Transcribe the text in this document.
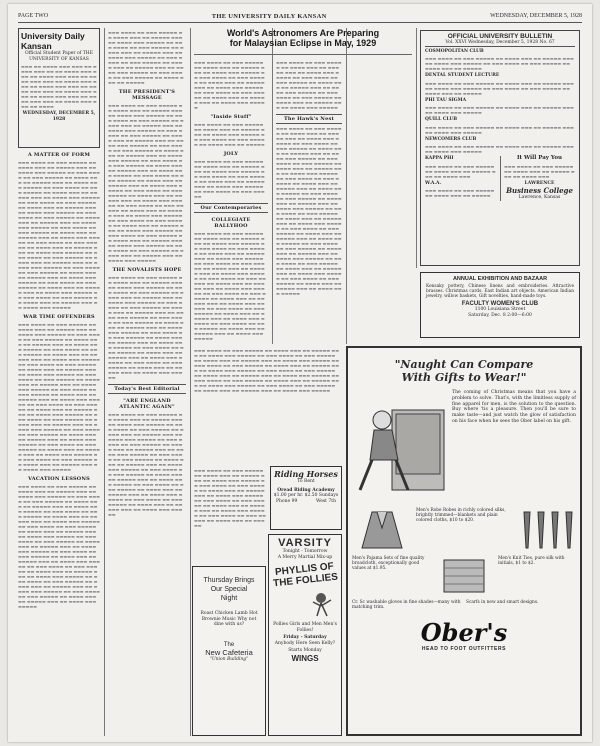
PAGE TWO	THE UNIVERSITY DAILY KANSAN	WEDNESDAY, DECEMBER 5, 1928
University Daily Kansan
Official Student Paper of THE UNIVERSITY OF KANSAS
▬▬▬ ▬▬ ▬▬▬▬ ▬▬▬ ▬▬▬ ▬▬ ▬▬▬▬ ▬▬▬ ▬▬ ▬▬ ▬▬▬▬ ▬▬▬ ▬▬▬ ▬▬ ▬▬▬▬ ▬▬▬ ▬▬▬ ▬▬ ▬▬▬▬ ▬▬▬ ▬▬▬ ▬▬ ▬▬▬▬ ▬▬▬ ▬▬▬ ▬▬ ▬▬▬▬ ▬▬▬ ▬▬▬ ▬▬ ▬▬▬▬ ▬▬▬ ▬▬▬ ▬▬ ▬▬▬▬ ▬▬▬ ▬▬▬ ▬▬ ▬▬▬▬ ▬▬▬ ▬▬▬ ▬▬ ▬▬▬▬ ▬▬▬ ▬▬▬ ▬▬ ▬▬▬▬ ▬▬▬ ▬▬▬ ▬▬ ▬▬▬▬
WEDNESDAY, DECEMBER 5, 1928
A MATTER OF FORM
▬▬▬ ▬▬▬▬ ▬▬ ▬▬▬ ▬▬▬▬▬ ▬▬ ▬▬▬▬ ▬▬▬ ▬▬ ▬▬▬▬▬ ▬▬▬ ▬▬ ▬▬▬▬ ▬▬▬ ▬▬▬▬▬ ▬▬ ▬▬▬ ▬▬▬▬ ▬▬ ▬▬▬ ▬▬▬▬▬ ▬▬ ▬▬▬▬ ▬▬▬ ▬▬ ▬▬▬▬▬ ▬▬▬ ▬▬ ▬▬▬▬ ▬▬▬ ▬▬▬▬▬ ▬▬ ▬▬▬ ▬▬▬▬ ▬▬ ▬▬▬ ▬▬▬▬▬ ▬▬ ▬▬▬▬ ▬▬▬ ▬▬ ▬▬▬▬▬ ▬▬▬ ▬▬ ▬▬▬▬ ▬▬▬ ▬▬▬▬▬ ▬▬ ▬▬▬ ▬▬▬▬ ▬▬ ▬▬▬ ▬▬▬▬▬ ▬▬ ▬▬▬▬ ▬▬▬ ▬▬ ▬▬▬▬▬ ▬▬▬ ▬▬ ▬▬▬▬ ▬▬▬ ▬▬▬▬▬ ▬▬ ▬▬▬ ▬▬▬▬ ▬▬ ▬▬▬ ▬▬▬▬▬ ▬▬ ▬▬▬▬ ▬▬▬ ▬▬ ▬▬▬▬▬ ▬▬▬ ▬▬ ▬▬▬▬ ▬▬▬ ▬▬▬▬▬ ▬▬ ▬▬▬ ▬▬▬▬ ▬▬ ▬▬▬ ▬▬▬▬▬ ▬▬ ▬▬▬▬ ▬▬▬ ▬▬ ▬▬▬▬▬ ▬▬▬ ▬▬ ▬▬▬▬ ▬▬▬ ▬▬▬▬▬ ▬▬ ▬▬▬ ▬▬▬▬ ▬▬ ▬▬▬ ▬▬▬▬▬ ▬▬ ▬▬▬▬ ▬▬▬ ▬▬ ▬▬▬▬▬ ▬▬▬ ▬▬ ▬▬▬▬ ▬▬▬ ▬▬▬▬▬ ▬▬ ▬▬▬ ▬▬▬▬ ▬▬ ▬▬▬ ▬▬▬▬▬ ▬▬ ▬▬▬▬ ▬▬▬ ▬▬ ▬▬▬▬▬ ▬▬▬ ▬▬ ▬▬▬▬ ▬▬▬ ▬▬▬▬▬ ▬▬ ▬▬▬ ▬▬▬▬ ▬▬ ▬▬▬ ▬▬▬▬▬ ▬▬ ▬▬▬▬ ▬▬▬ ▬▬ ▬▬▬▬▬ ▬▬▬ ▬▬ ▬▬▬▬ ▬▬▬ ▬▬▬▬▬ ▬▬ ▬▬▬ ▬▬▬▬ ▬▬ ▬▬▬ ▬▬▬▬▬ ▬▬ ▬▬▬▬ ▬▬▬ ▬▬ ▬▬▬▬▬ ▬▬▬ ▬▬ ▬▬▬▬ ▬▬▬ ▬▬▬▬▬ ▬▬ ▬▬▬ ▬▬▬▬ ▬▬ ▬▬▬ ▬▬▬▬▬ ▬▬ ▬▬▬▬ ▬▬▬ ▬▬ ▬▬▬▬▬ ▬▬▬ ▬▬ ▬▬▬▬ ▬▬▬ ▬▬▬▬▬
WAR TIME OFFENDERS
▬▬▬ ▬▬▬▬ ▬▬ ▬▬▬ ▬▬▬▬▬ ▬▬ ▬▬▬▬ ▬▬▬ ▬▬ ▬▬▬▬▬ ▬▬▬ ▬▬ ▬▬▬▬ ▬▬▬ ▬▬▬▬▬ ▬▬ ▬▬▬ ▬▬▬▬ ▬▬ ▬▬▬ ▬▬▬▬▬ ▬▬ ▬▬▬▬ ▬▬▬ ▬▬ ▬▬▬▬▬ ▬▬▬ ▬▬ ▬▬▬▬ ▬▬▬ ▬▬▬▬▬ ▬▬ ▬▬▬ ▬▬▬▬ ▬▬ ▬▬▬ ▬▬▬▬▬ ▬▬ ▬▬▬▬ ▬▬▬ ▬▬ ▬▬▬▬▬ ▬▬▬ ▬▬ ▬▬▬▬ ▬▬▬ ▬▬▬▬▬ ▬▬ ▬▬▬ ▬▬▬▬ ▬▬ ▬▬▬ ▬▬▬▬▬ ▬▬ ▬▬▬▬ ▬▬▬ ▬▬ ▬▬▬▬▬ ▬▬▬ ▬▬ ▬▬▬▬ ▬▬▬ ▬▬▬▬▬ ▬▬ ▬▬▬ ▬▬▬▬ ▬▬ ▬▬▬ ▬▬▬▬▬ ▬▬ ▬▬▬▬ ▬▬▬ ▬▬ ▬▬▬▬▬ ▬▬▬ ▬▬ ▬▬▬▬ ▬▬▬ ▬▬▬▬▬ ▬▬ ▬▬▬ ▬▬▬▬ ▬▬ ▬▬▬ ▬▬▬▬▬ ▬▬ ▬▬▬▬ ▬▬▬ ▬▬ ▬▬▬▬▬ ▬▬▬ ▬▬ ▬▬▬▬ ▬▬▬ ▬▬▬▬▬ ▬▬ ▬▬▬ ▬▬▬▬ ▬▬ ▬▬▬ ▬▬▬▬▬ ▬▬ ▬▬▬▬ ▬▬▬ ▬▬ ▬▬▬▬▬ ▬▬▬ ▬▬ ▬▬▬▬ ▬▬▬ ▬▬▬▬▬ ▬▬ ▬▬▬ ▬▬▬▬ ▬▬ ▬▬▬ ▬▬▬▬▬ ▬▬ ▬▬▬▬ ▬▬▬ ▬▬ ▬▬▬▬▬ ▬▬▬ ▬▬ ▬▬▬▬ ▬▬▬ ▬▬▬▬▬ ▬▬ ▬▬▬ ▬▬▬▬ ▬▬ ▬▬▬ ▬▬▬▬▬ ▬▬ ▬▬▬▬ ▬▬▬ ▬▬ ▬▬▬▬▬ ▬▬▬ ▬▬ ▬▬▬▬ ▬▬▬ ▬▬▬▬▬ ▬▬ ▬▬▬ ▬▬▬▬ ▬▬ ▬▬▬ ▬▬▬▬▬ ▬▬ ▬▬▬▬ ▬▬▬ ▬▬ ▬▬▬▬▬ ▬▬▬ ▬▬ ▬▬▬▬ ▬▬▬ ▬▬▬▬▬ ▬▬ ▬▬▬ ▬▬▬▬ ▬▬ ▬▬▬ ▬▬▬▬▬ ▬▬ ▬▬▬▬ ▬▬▬ ▬▬ ▬▬▬▬▬ ▬▬▬ ▬▬ ▬▬▬▬ ▬▬▬ ▬▬▬▬▬
VACATION LESSONS
▬▬▬ ▬▬▬▬ ▬▬ ▬▬▬ ▬▬▬▬▬ ▬▬ ▬▬▬▬ ▬▬▬ ▬▬ ▬▬▬▬▬ ▬▬▬ ▬▬ ▬▬▬▬ ▬▬▬ ▬▬▬▬▬ ▬▬ ▬▬▬ ▬▬▬▬ ▬▬ ▬▬▬ ▬▬▬▬▬ ▬▬ ▬▬▬▬ ▬▬▬ ▬▬ ▬▬▬▬▬ ▬▬▬ ▬▬ ▬▬▬▬ ▬▬▬ ▬▬▬▬▬ ▬▬ ▬▬▬ ▬▬▬▬ ▬▬ ▬▬▬ ▬▬▬▬▬ ▬▬ ▬▬▬▬ ▬▬▬ ▬▬ ▬▬▬▬▬ ▬▬▬ ▬▬ ▬▬▬▬ ▬▬▬ ▬▬▬▬▬ ▬▬ ▬▬▬ ▬▬▬▬ ▬▬ ▬▬▬ ▬▬▬▬▬ ▬▬ ▬▬▬▬ ▬▬▬ ▬▬ ▬▬▬▬▬ ▬▬▬ ▬▬ ▬▬▬▬ ▬▬▬ ▬▬▬▬▬ ▬▬ ▬▬▬ ▬▬▬▬ ▬▬ ▬▬▬ ▬▬▬▬▬ ▬▬ ▬▬▬▬ ▬▬▬ ▬▬ ▬▬▬▬▬ ▬▬▬ ▬▬ ▬▬▬▬ ▬▬▬ ▬▬▬▬▬ ▬▬ ▬▬▬ ▬▬▬▬ ▬▬ ▬▬▬ ▬▬▬▬▬ ▬▬ ▬▬▬▬ ▬▬▬ ▬▬ ▬▬▬▬▬ ▬▬▬ ▬▬ ▬▬▬▬ ▬▬▬ ▬▬▬▬▬ ▬▬ ▬▬▬ ▬▬▬▬ ▬▬ ▬▬▬ ▬▬▬▬▬ ▬▬ ▬▬▬▬ ▬▬▬ ▬▬ ▬▬▬▬▬ ▬▬▬ ▬▬ ▬▬▬▬ ▬▬▬ ▬▬▬▬▬ ▬▬ ▬▬▬ ▬▬▬▬ ▬▬ ▬▬▬ ▬▬▬▬▬ ▬▬ ▬▬▬▬ ▬▬▬ ▬▬ ▬▬▬▬▬ ▬▬▬ ▬▬ ▬▬▬▬ ▬▬▬ ▬▬▬▬▬ ▬▬ ▬▬▬ ▬▬▬▬ ▬▬ ▬▬▬ ▬▬▬▬▬ ▬▬ ▬▬▬▬ ▬▬▬ ▬▬ ▬▬▬▬▬ ▬▬▬ ▬▬ ▬▬▬▬ ▬▬▬ ▬▬▬▬▬
▬▬▬ ▬▬▬▬ ▬▬ ▬▬▬ ▬▬▬▬▬ ▬▬ ▬▬▬▬ ▬▬▬ ▬▬ ▬▬▬▬▬ ▬▬▬ ▬▬ ▬▬▬▬ ▬▬▬ ▬▬▬▬▬ ▬▬ ▬▬▬ ▬▬▬▬ ▬▬ ▬▬▬ ▬▬▬▬▬ ▬▬ ▬▬▬▬ ▬▬▬ ▬▬ ▬▬▬▬▬ ▬▬▬ ▬▬ ▬▬▬▬ ▬▬▬ ▬▬▬▬▬ ▬▬ ▬▬▬ ▬▬▬▬ ▬▬ ▬▬▬ ▬▬▬▬▬ ▬▬ ▬▬▬▬ ▬▬▬ ▬▬ ▬▬▬▬▬ ▬▬▬ ▬▬ ▬▬▬▬ ▬▬▬ ▬▬▬▬▬ ▬▬ ▬▬▬ ▬▬▬▬ ▬▬ ▬▬▬ ▬▬▬▬▬ ▬▬ ▬▬▬▬ ▬▬▬ ▬▬ ▬▬▬▬▬
THE PRESIDENT'S MESSAGE
▬▬▬ ▬▬▬▬ ▬▬ ▬▬▬ ▬▬▬▬▬ ▬▬ ▬▬▬▬ ▬▬▬ ▬▬ ▬▬▬▬▬ ▬▬▬ ▬▬ ▬▬▬▬ ▬▬▬ ▬▬▬▬▬ ▬▬ ▬▬▬ ▬▬▬▬ ▬▬ ▬▬▬ ▬▬▬▬▬ ▬▬ ▬▬▬▬ ▬▬▬ ▬▬ ▬▬▬▬▬ ▬▬▬ ▬▬ ▬▬▬▬ ▬▬▬ ▬▬▬▬▬ ▬▬ ▬▬▬ ▬▬▬▬ ▬▬ ▬▬▬ ▬▬▬▬▬ ▬▬ ▬▬▬▬ ▬▬▬ ▬▬ ▬▬▬▬▬ ▬▬▬ ▬▬ ▬▬▬▬ ▬▬▬ ▬▬▬▬▬ ▬▬ ▬▬▬ ▬▬▬▬ ▬▬ ▬▬▬ ▬▬▬▬▬ ▬▬ ▬▬▬▬ ▬▬▬ ▬▬ ▬▬▬▬▬ ▬▬▬ ▬▬ ▬▬▬▬ ▬▬▬ ▬▬▬▬▬ ▬▬ ▬▬▬ ▬▬▬▬ ▬▬ ▬▬▬ ▬▬▬▬▬ ▬▬ ▬▬▬▬ ▬▬▬ ▬▬ ▬▬▬▬▬ ▬▬▬ ▬▬ ▬▬▬▬ ▬▬▬ ▬▬▬▬▬ ▬▬ ▬▬▬ ▬▬▬▬ ▬▬ ▬▬▬ ▬▬▬▬▬ ▬▬ ▬▬▬▬ ▬▬▬ ▬▬ ▬▬▬▬▬ ▬▬▬ ▬▬ ▬▬▬▬ ▬▬▬ ▬▬▬▬▬ ▬▬ ▬▬▬ ▬▬▬▬ ▬▬ ▬▬▬ ▬▬▬▬▬ ▬▬ ▬▬▬▬ ▬▬▬ ▬▬ ▬▬▬▬▬ ▬▬▬ ▬▬ ▬▬▬▬ ▬▬▬ ▬▬▬▬▬ ▬▬ ▬▬▬ ▬▬▬▬ ▬▬ ▬▬▬ ▬▬▬▬▬ ▬▬ ▬▬▬▬ ▬▬▬ ▬▬ ▬▬▬▬▬ ▬▬▬ ▬▬ ▬▬▬▬ ▬▬▬ ▬▬▬▬▬ ▬▬ ▬▬▬ ▬▬▬▬ ▬▬ ▬▬▬ ▬▬▬▬▬ ▬▬ ▬▬▬▬ ▬▬▬ ▬▬ ▬▬▬▬▬ ▬▬▬ ▬▬ ▬▬▬▬ ▬▬▬ ▬▬▬▬▬ ▬▬ ▬▬▬ ▬▬▬▬ ▬▬ ▬▬▬ ▬▬▬▬▬ ▬▬ ▬▬▬▬ ▬▬▬ ▬▬ ▬▬▬▬▬ ▬▬▬ ▬▬ ▬▬▬▬ ▬▬▬ ▬▬▬▬▬ ▬▬ ▬▬▬ ▬▬▬▬ ▬▬ ▬▬▬ ▬▬▬▬▬ ▬▬ ▬▬▬▬ ▬▬▬ ▬▬ ▬▬▬▬▬ ▬▬▬ ▬▬ ▬▬▬▬ ▬▬▬ ▬▬▬▬▬
THE NOVALISTS HOPE
▬▬▬ ▬▬▬▬ ▬▬ ▬▬▬ ▬▬▬▬▬ ▬▬ ▬▬▬▬ ▬▬▬ ▬▬ ▬▬▬▬▬ ▬▬▬ ▬▬ ▬▬▬▬ ▬▬▬ ▬▬▬▬▬ ▬▬ ▬▬▬ ▬▬▬▬ ▬▬ ▬▬▬ ▬▬▬▬▬ ▬▬ ▬▬▬▬ ▬▬▬ ▬▬ ▬▬▬▬▬ ▬▬▬ ▬▬ ▬▬▬▬ ▬▬▬ ▬▬▬▬▬ ▬▬ ▬▬▬ ▬▬▬▬ ▬▬ ▬▬▬ ▬▬▬▬▬ ▬▬ ▬▬▬▬ ▬▬▬ ▬▬ ▬▬▬▬▬ ▬▬▬ ▬▬ ▬▬▬▬ ▬▬▬ ▬▬▬▬▬ ▬▬ ▬▬▬ ▬▬▬▬ ▬▬ ▬▬▬ ▬▬▬▬▬ ▬▬ ▬▬▬▬ ▬▬▬ ▬▬ ▬▬▬▬▬ ▬▬▬ ▬▬ ▬▬▬▬ ▬▬▬ ▬▬▬▬▬ ▬▬ ▬▬▬ ▬▬▬▬ ▬▬ ▬▬▬ ▬▬▬▬▬ ▬▬ ▬▬▬▬ ▬▬▬ ▬▬ ▬▬▬▬▬ ▬▬▬ ▬▬ ▬▬▬▬ ▬▬▬ ▬▬▬▬▬ ▬▬ ▬▬▬ ▬▬▬▬ ▬▬ ▬▬▬ ▬▬▬▬▬ ▬▬ ▬▬▬▬ ▬▬▬ ▬▬ ▬▬▬▬▬ ▬▬▬ ▬▬ ▬▬▬▬ ▬▬▬ ▬▬▬▬▬ ▬▬ ▬▬▬ ▬▬▬▬ ▬▬ ▬▬▬ ▬▬▬▬▬ ▬▬ ▬▬▬▬ ▬▬▬ ▬▬ ▬▬▬▬▬ ▬▬▬ ▬▬ ▬▬▬▬ ▬▬▬ ▬▬▬▬▬
Today's Best Editorial
"ARE ENGLAND ATLANTIC AGAIN"
▬▬▬ ▬▬▬▬ ▬▬ ▬▬▬ ▬▬▬▬▬ ▬▬ ▬▬▬▬ ▬▬▬ ▬▬ ▬▬▬▬▬ ▬▬▬ ▬▬ ▬▬▬▬ ▬▬▬ ▬▬▬▬▬ ▬▬ ▬▬▬ ▬▬▬▬ ▬▬ ▬▬▬ ▬▬▬▬▬ ▬▬ ▬▬▬▬ ▬▬▬ ▬▬ ▬▬▬▬▬ ▬▬▬ ▬▬ ▬▬▬▬ ▬▬▬ ▬▬▬▬▬ ▬▬ ▬▬▬ ▬▬▬▬ ▬▬ ▬▬▬ ▬▬▬▬▬ ▬▬ ▬▬▬▬ ▬▬▬ ▬▬ ▬▬▬▬▬ ▬▬▬ ▬▬ ▬▬▬▬ ▬▬▬ ▬▬▬▬▬ ▬▬ ▬▬▬ ▬▬▬▬ ▬▬ ▬▬▬ ▬▬▬▬▬ ▬▬ ▬▬▬▬ ▬▬▬ ▬▬ ▬▬▬▬▬ ▬▬▬ ▬▬ ▬▬▬▬ ▬▬▬ ▬▬▬▬▬ ▬▬ ▬▬▬ ▬▬▬▬ ▬▬ ▬▬▬ ▬▬▬▬▬ ▬▬ ▬▬▬▬ ▬▬▬ ▬▬ ▬▬▬▬▬ ▬▬▬ ▬▬ ▬▬▬▬ ▬▬▬ ▬▬▬▬▬ ▬▬ ▬▬▬ ▬▬▬▬ ▬▬ ▬▬▬ ▬▬▬▬▬ ▬▬ ▬▬▬▬ ▬▬▬ ▬▬ ▬▬▬▬▬ ▬▬▬ ▬▬ ▬▬▬▬ ▬▬▬ ▬▬▬▬▬ ▬▬ ▬▬▬ ▬▬▬▬ ▬▬ ▬▬▬ ▬▬▬▬▬ ▬▬ ▬▬▬▬ ▬▬▬ ▬▬ ▬▬▬▬▬ ▬▬▬ ▬▬ ▬▬▬▬ ▬▬▬ ▬▬▬▬▬
World's Astronomers Are Preparing
for Malaysian Eclipse in May, 1929
▬▬▬ ▬▬▬▬ ▬▬ ▬▬▬ ▬▬▬▬▬ ▬▬ ▬▬▬▬ ▬▬▬ ▬▬ ▬▬▬▬▬ ▬▬▬ ▬▬ ▬▬▬▬ ▬▬▬ ▬▬▬▬▬ ▬▬ ▬▬▬ ▬▬▬▬ ▬▬ ▬▬▬ ▬▬▬▬▬ ▬▬ ▬▬▬▬ ▬▬▬ ▬▬ ▬▬▬▬▬ ▬▬▬ ▬▬ ▬▬▬▬ ▬▬▬ ▬▬▬▬▬ ▬▬ ▬▬▬ ▬▬▬▬ ▬▬ ▬▬▬ ▬▬▬▬▬ ▬▬ ▬▬▬▬ ▬▬▬ ▬▬ ▬▬▬▬▬ ▬▬▬ ▬▬ ▬▬▬▬ ▬▬▬ ▬▬▬▬▬
"Inside Stuff"
▬▬▬ ▬▬▬▬ ▬▬ ▬▬▬ ▬▬▬▬▬ ▬▬ ▬▬▬▬ ▬▬▬ ▬▬ ▬▬▬▬▬ ▬▬▬ ▬▬ ▬▬▬▬ ▬▬▬ ▬▬▬▬▬ ▬▬ ▬▬▬ ▬▬▬▬ ▬▬ ▬▬▬ ▬▬▬▬▬ ▬▬ ▬▬▬▬ ▬▬▬ ▬▬ ▬▬▬▬▬
JOLY
▬▬▬ ▬▬▬▬ ▬▬ ▬▬▬ ▬▬▬▬▬ ▬▬ ▬▬▬▬ ▬▬▬ ▬▬ ▬▬▬▬▬ ▬▬▬ ▬▬ ▬▬▬▬ ▬▬▬ ▬▬▬▬▬ ▬▬ ▬▬▬ ▬▬▬▬ ▬▬ ▬▬▬ ▬▬▬▬▬ ▬▬ ▬▬▬▬ ▬▬▬ ▬▬ ▬▬▬▬▬ ▬▬▬ ▬▬ ▬▬▬▬ ▬▬▬ ▬▬▬▬▬ ▬▬ ▬▬▬ ▬▬▬▬ ▬▬ ▬▬▬ ▬▬▬▬▬
Our Contemporaries
COLLEGIATE BALLYHOO
▬▬▬ ▬▬▬▬ ▬▬ ▬▬▬ ▬▬▬▬▬ ▬▬ ▬▬▬▬ ▬▬▬ ▬▬ ▬▬▬▬▬ ▬▬▬ ▬▬ ▬▬▬▬ ▬▬▬ ▬▬▬▬▬ ▬▬ ▬▬▬ ▬▬▬▬ ▬▬ ▬▬▬ ▬▬▬▬▬ ▬▬ ▬▬▬▬ ▬▬▬ ▬▬ ▬▬▬▬▬ ▬▬▬ ▬▬ ▬▬▬▬ ▬▬▬ ▬▬▬▬▬ ▬▬ ▬▬▬ ▬▬▬▬ ▬▬ ▬▬▬ ▬▬▬▬▬ ▬▬ ▬▬▬▬ ▬▬▬ ▬▬ ▬▬▬▬▬ ▬▬▬ ▬▬ ▬▬▬▬ ▬▬▬ ▬▬▬▬▬ ▬▬ ▬▬▬ ▬▬▬▬ ▬▬ ▬▬▬ ▬▬▬▬▬ ▬▬ ▬▬▬▬ ▬▬▬ ▬▬ ▬▬▬▬▬ ▬▬▬ ▬▬ ▬▬▬▬ ▬▬▬ ▬▬▬▬▬ ▬▬ ▬▬▬ ▬▬▬▬ ▬▬ ▬▬▬ ▬▬▬▬▬ ▬▬ ▬▬▬▬ ▬▬▬ ▬▬ ▬▬▬▬▬ ▬▬▬ ▬▬ ▬▬▬▬ ▬▬▬ ▬▬▬▬▬ ▬▬ ▬▬▬ ▬▬▬▬ ▬▬ ▬▬▬ ▬▬▬▬▬ ▬▬ ▬▬▬▬ ▬▬▬ ▬▬ ▬▬▬▬▬ ▬▬▬ ▬▬ ▬▬▬▬ ▬▬▬ ▬▬▬▬▬ ▬▬ ▬▬▬ ▬▬▬▬ ▬▬ ▬▬▬ ▬▬▬▬▬ ▬▬ ▬▬▬▬ ▬▬▬ ▬▬ ▬▬▬▬▬ ▬▬▬ ▬▬ ▬▬▬▬ ▬▬▬ ▬▬▬▬▬
▬▬▬ ▬▬▬▬ ▬▬ ▬▬▬ ▬▬▬▬▬ ▬▬ ▬▬▬▬ ▬▬▬ ▬▬ ▬▬▬▬▬ ▬▬▬ ▬▬ ▬▬▬▬ ▬▬▬ ▬▬▬▬▬ ▬▬ ▬▬▬ ▬▬▬▬ ▬▬ ▬▬▬ ▬▬▬▬▬ ▬▬ ▬▬▬▬ ▬▬▬ ▬▬ ▬▬▬▬▬ ▬▬▬ ▬▬ ▬▬▬▬ ▬▬▬ ▬▬▬▬▬ ▬▬ ▬▬▬ ▬▬▬▬ ▬▬ ▬▬▬ ▬▬▬▬▬ ▬▬ ▬▬▬▬ ▬▬▬ ▬▬ ▬▬▬▬▬ ▬▬▬ ▬▬ ▬▬▬▬ ▬▬▬ ▬▬▬▬▬
The Hawk's Nest
▬▬▬ ▬▬▬▬ ▬▬ ▬▬▬ ▬▬▬▬▬ ▬▬ ▬▬▬▬ ▬▬▬ ▬▬ ▬▬▬▬▬ ▬▬▬ ▬▬ ▬▬▬▬ ▬▬▬ ▬▬▬▬▬ ▬▬ ▬▬▬ ▬▬▬▬ ▬▬ ▬▬▬ ▬▬▬▬▬ ▬▬ ▬▬▬▬ ▬▬▬ ▬▬ ▬▬▬▬▬ ▬▬▬ ▬▬ ▬▬▬▬ ▬▬▬ ▬▬▬▬▬ ▬▬ ▬▬▬ ▬▬▬▬ ▬▬ ▬▬▬ ▬▬▬▬▬ ▬▬ ▬▬▬▬ ▬▬▬ ▬▬ ▬▬▬▬▬ ▬▬▬ ▬▬ ▬▬▬▬ ▬▬▬ ▬▬▬▬▬ ▬▬ ▬▬▬ ▬▬▬▬ ▬▬ ▬▬▬ ▬▬▬▬▬ ▬▬ ▬▬▬▬ ▬▬▬ ▬▬ ▬▬▬▬▬ ▬▬▬ ▬▬ ▬▬▬▬ ▬▬▬ ▬▬▬▬▬ ▬▬ ▬▬▬ ▬▬▬▬ ▬▬ ▬▬▬ ▬▬▬▬▬ ▬▬ ▬▬▬▬ ▬▬▬ ▬▬ ▬▬▬▬▬ ▬▬▬ ▬▬ ▬▬▬▬ ▬▬▬ ▬▬▬▬▬ ▬▬ ▬▬▬ ▬▬▬▬ ▬▬ ▬▬▬ ▬▬▬▬▬ ▬▬ ▬▬▬▬ ▬▬▬ ▬▬ ▬▬▬▬▬ ▬▬▬ ▬▬ ▬▬▬▬ ▬▬▬ ▬▬▬▬▬ ▬▬ ▬▬▬ ▬▬▬▬ ▬▬ ▬▬▬ ▬▬▬▬▬ ▬▬ ▬▬▬▬ ▬▬▬ ▬▬ ▬▬▬▬▬ ▬▬▬ ▬▬ ▬▬▬▬ ▬▬▬ ▬▬▬▬▬ ▬▬ ▬▬▬ ▬▬▬▬ ▬▬ ▬▬▬ ▬▬▬▬▬ ▬▬ ▬▬▬▬ ▬▬▬ ▬▬ ▬▬▬▬▬ ▬▬▬ ▬▬ ▬▬▬▬ ▬▬▬ ▬▬▬▬▬ ▬▬ ▬▬▬ ▬▬▬▬ ▬▬ ▬▬▬ ▬▬▬▬▬ ▬▬ ▬▬▬▬ ▬▬▬ ▬▬ ▬▬▬▬▬ ▬▬▬ ▬▬ ▬▬▬▬ ▬▬▬ ▬▬▬▬▬ ▬▬ ▬▬▬ ▬▬▬▬ ▬▬ ▬▬▬ ▬▬▬▬▬ ▬▬ ▬▬▬▬ ▬▬▬ ▬▬ ▬▬▬▬▬ ▬▬▬ ▬▬ ▬▬▬▬ ▬▬▬ ▬▬▬▬▬
OFFICIAL UNIVERSITY BULLETIN
Vol. XXVI Wednesday, December 5, 1928 No. 67
COSMOPOLITAN CLUB
▬▬▬ ▬▬▬▬ ▬▬ ▬▬▬ ▬▬▬▬▬ ▬▬ ▬▬▬▬ ▬▬▬ ▬▬ ▬▬▬▬▬ ▬▬▬ ▬▬ ▬▬▬▬ ▬▬▬ ▬▬▬▬▬ ▬▬ ▬▬▬ ▬▬▬▬ ▬▬ ▬▬▬ ▬▬▬▬▬ ▬▬ ▬▬▬▬ ▬▬▬ ▬▬ ▬▬▬▬▬
DENTAL STUDENT LECTURE
▬▬▬ ▬▬▬▬ ▬▬ ▬▬▬ ▬▬▬▬▬ ▬▬ ▬▬▬▬ ▬▬▬ ▬▬ ▬▬▬▬▬ ▬▬▬ ▬▬ ▬▬▬▬ ▬▬▬ ▬▬▬▬▬ ▬▬ ▬▬▬ ▬▬▬▬ ▬▬ ▬▬▬ ▬▬▬▬▬ ▬▬ ▬▬▬▬ ▬▬▬ ▬▬ ▬▬▬▬▬
PHI TAU SIGMA
▬▬▬ ▬▬▬▬ ▬▬ ▬▬▬ ▬▬▬▬▬ ▬▬ ▬▬▬▬ ▬▬▬ ▬▬ ▬▬▬▬▬ ▬▬▬ ▬▬ ▬▬▬▬ ▬▬▬ ▬▬▬▬▬
QUILL CLUB
▬▬▬ ▬▬▬▬ ▬▬ ▬▬▬ ▬▬▬▬▬ ▬▬ ▬▬▬▬ ▬▬▬ ▬▬ ▬▬▬▬▬ ▬▬▬ ▬▬ ▬▬▬▬ ▬▬▬ ▬▬▬▬▬
NEWCOMERS CLUB
▬▬▬ ▬▬▬▬ ▬▬ ▬▬▬ ▬▬▬▬▬ ▬▬ ▬▬▬▬ ▬▬▬ ▬▬ ▬▬▬▬▬ ▬▬▬ ▬▬ ▬▬▬▬ ▬▬▬ ▬▬▬▬▬
KAPPA PHI
▬▬▬ ▬▬▬▬ ▬▬ ▬▬▬ ▬▬▬▬▬ ▬▬ ▬▬▬▬ ▬▬▬ ▬▬ ▬▬▬▬▬ ▬▬▬ ▬▬ ▬▬▬▬ ▬▬▬
W.A.A.
▬▬▬ ▬▬▬▬ ▬▬ ▬▬▬ ▬▬▬▬▬ ▬▬ ▬▬▬▬ ▬▬▬ ▬▬ ▬▬▬▬▬
It Will Pay You
▬▬▬ ▬▬▬▬ ▬▬ ▬▬▬ ▬▬▬▬▬ ▬▬ ▬▬▬▬ ▬▬▬ ▬▬ ▬▬▬▬▬ ▬▬▬ ▬▬ ▬▬▬▬ ▬▬▬
LAWRENCE
Business College
Lawrence, Kansas
ANNUAL EXHIBITION AND BAZAAR
Kensaky pottery, Chinese linens and embroideries. Attractive brasses. Christmas cards. East Indian art objects. American Indian jewelry, willow baskets, Gift novelties, hand-made toys.
FACULTY WOMEN'S CLUB
1100 Louisiana Street
Saturday, Dec. 8 2:00—6:00
▬▬▬ ▬▬▬▬ ▬▬ ▬▬▬ ▬▬▬▬▬ ▬▬ ▬▬▬▬ ▬▬▬ ▬▬ ▬▬▬▬▬ ▬▬▬ ▬▬ ▬▬▬▬ ▬▬▬ ▬▬▬▬▬ ▬▬ ▬▬▬ ▬▬▬▬ ▬▬ ▬▬▬ ▬▬▬▬▬ ▬▬ ▬▬▬▬ ▬▬▬ ▬▬ ▬▬▬▬▬ ▬▬▬ ▬▬ ▬▬▬▬ ▬▬▬ ▬▬▬▬▬ ▬▬ ▬▬▬ ▬▬▬▬ ▬▬ ▬▬▬ ▬▬▬▬▬ ▬▬ ▬▬▬▬ ▬▬▬ ▬▬ ▬▬▬▬▬ ▬▬▬ ▬▬ ▬▬▬▬ ▬▬▬ ▬▬▬▬▬ ▬▬ ▬▬▬ ▬▬▬▬ ▬▬ ▬▬▬ ▬▬▬▬▬ ▬▬ ▬▬▬▬ ▬▬▬ ▬▬ ▬▬▬▬▬ ▬▬▬ ▬▬ ▬▬▬▬ ▬▬▬ ▬▬▬▬▬ ▬▬ ▬▬▬ ▬▬▬▬ ▬▬ ▬▬▬ ▬▬▬▬▬ ▬▬ ▬▬▬▬ ▬▬▬ ▬▬ ▬▬▬▬▬ ▬▬▬ ▬▬ ▬▬▬▬ ▬▬▬ ▬▬▬▬▬ ▬▬ ▬▬▬ ▬▬▬▬ ▬▬ ▬▬▬ ▬▬▬▬▬ ▬▬ ▬▬▬▬ ▬▬▬ ▬▬ ▬▬▬▬▬ ▬▬▬ ▬▬ ▬▬▬▬ ▬▬▬ ▬▬▬▬▬
Riding Horses
To Rent
Oread Riding Academy
$1.00 per hr. $2.50 Sundays
Phone 99	West 7th
▬▬▬ ▬▬▬▬ ▬▬ ▬▬▬ ▬▬▬▬▬ ▬▬ ▬▬▬▬ ▬▬▬ ▬▬ ▬▬▬▬▬ ▬▬▬ ▬▬ ▬▬▬▬ ▬▬▬ ▬▬▬▬▬ ▬▬ ▬▬▬ ▬▬▬▬ ▬▬ ▬▬▬ ▬▬▬▬▬ ▬▬ ▬▬▬▬ ▬▬▬ ▬▬ ▬▬▬▬▬ ▬▬▬ ▬▬ ▬▬▬▬ ▬▬▬ ▬▬▬▬▬ ▬▬ ▬▬▬ ▬▬▬▬ ▬▬ ▬▬▬ ▬▬▬▬▬ ▬▬ ▬▬▬▬ ▬▬▬ ▬▬ ▬▬▬▬▬ ▬▬▬ ▬▬ ▬▬▬▬ ▬▬▬ ▬▬▬▬▬ ▬▬ ▬▬▬ ▬▬▬▬ ▬▬ ▬▬▬ ▬▬▬▬▬ ▬▬ ▬▬▬▬ ▬▬▬ ▬▬ ▬▬▬▬▬
Thursday Brings
Our Special
Night
Roast Chicken Lamb Hot Brownie Music Why not dine with us?
The
New Cafeteria
"Union Building"
VARSITY
Tonight - Tomorrow
A Merry Martial Mix-up
PHYLLIS OF THE FOLLIES
Pollies Girls and Men Men's Follies!
Friday - Saturday
Anybody Here Seen Kelly?
Starts Monday
WINGS
"Naught Can Compare
With Gifts to Wear!"
The coming of Christmas means that you have a problem to solve. That's, with the limitless supply of fine apparel for men, is the solution to the question. Buy where 'tis a pleasure. Then you'll be sure to make taste—and just watch the glow of satisfaction on his face when he sees the Ober label on his gift.
Men's Robe Robes in richly colored silks, brightly trimmed—blankets and plain colored cloths, $10 to $20.
Men's Pajama Sets of fine quality broadcloth, exceptionally good values at $1.95.
Men's Knit Ties, pure silk with initials, $1 to $2.
Cr. Sc washable gloves in fine shades—many with matching trim.
Scarfs in new and smart designs.
Ober's
HEAD TO FOOT OUTFITTERS
